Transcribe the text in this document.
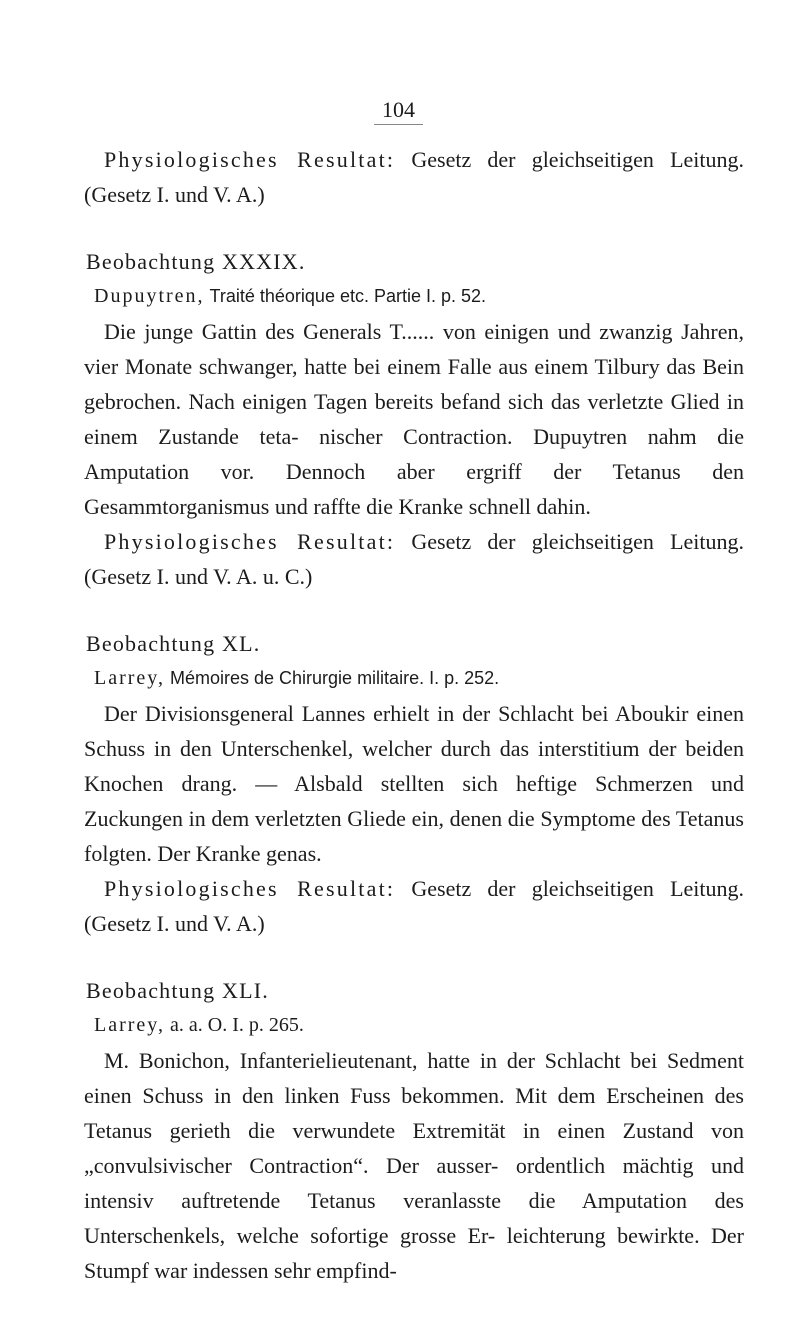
104

Physiologisches Resultat: Gesetz der gleichseitigen Leitung. (Gesetz I. und V. A.)

Beobachtung XXXIX.

Dupuytren, Traité théorique etc. Partie I. p. 52.

Die junge Gattin des Generals T...... von einigen und zwanzig Jahren, vier Monate schwanger, hatte bei einem Falle aus einem Tilbury das Bein gebrochen. Nach einigen Tagen bereits befand sich das verletzte Glied in einem Zustande teta- nischer Contraction. Dupuytren nahm die Amputation vor. Dennoch aber ergriff der Tetanus den Gesammtorganismus und raffte die Kranke schnell dahin.

Physiologisches Resultat: Gesetz der gleichseitigen Leitung. (Gesetz I. und V. A. u. C.)

Beobachtung XL.

Larrey, Mémoires de Chirurgie militaire. I. p. 252.

Der Divisionsgeneral Lannes erhielt in der Schlacht bei Aboukir einen Schuss in den Unterschenkel, welcher durch das interstitium der beiden Knochen drang. — Alsbald stellten sich heftige Schmerzen und Zuckungen in dem verletzten Gliede ein, denen die Symptome des Tetanus folgten. Der Kranke genas.

Physiologisches Resultat: Gesetz der gleichseitigen Leitung. (Gesetz I. und V. A.)

Beobachtung XLI.

Larrey, a. a. O. I. p. 265.

M. Bonichon, Infanterielieutenant, hatte in der Schlacht bei Sedment einen Schuss in den linken Fuss bekommen. Mit dem Erscheinen des Tetanus gerieth die verwundete Extremität in einen Zustand von „convulsivischer Contraction“. Der ausser- ordentlich mächtig und intensiv auftretende Tetanus veranlasste die Amputation des Unterschenkels, welche sofortige grosse Er- leichterung bewirkte. Der Stumpf war indessen sehr empfind-
